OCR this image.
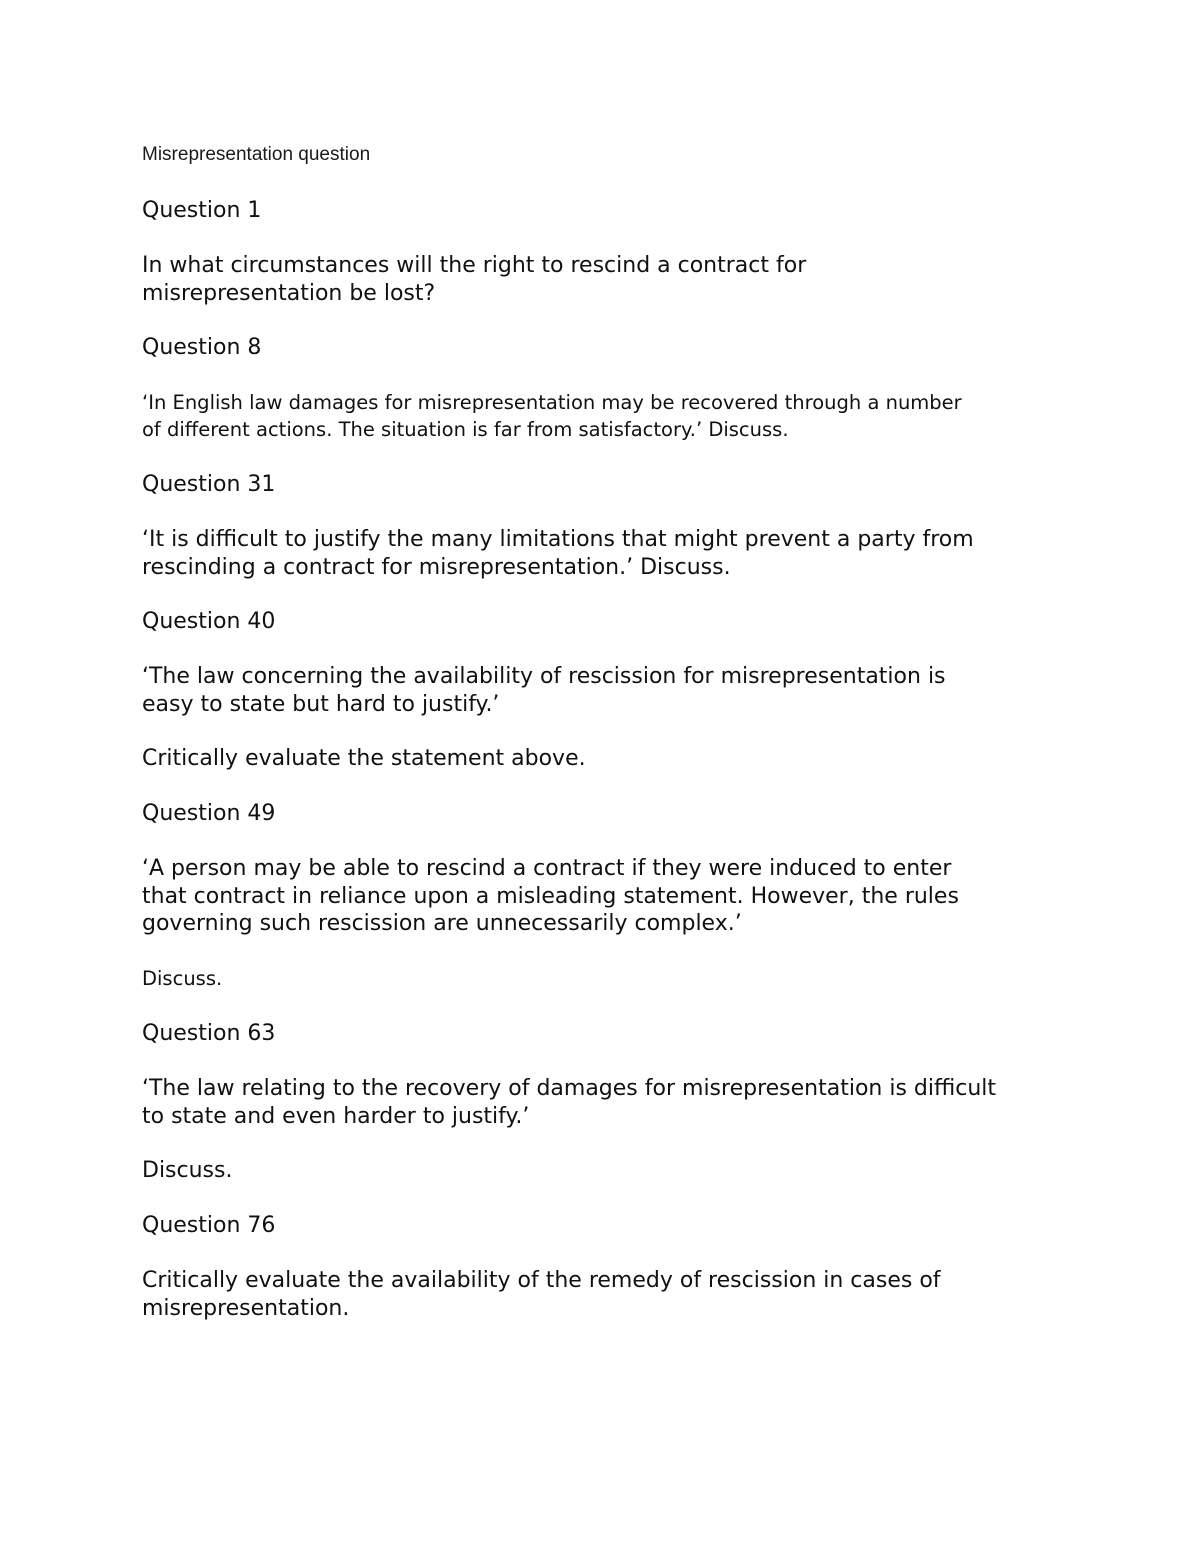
Misrepresentation question
Question 1
In what circumstances will the right to rescind a contract for
misrepresentation be lost?
Question 8
‘In English law damages for misrepresentation may be recovered through a number
of different actions. The situation is far from satisfactory.’ Discuss.
Question 31
‘It is difficult to justify the many limitations that might prevent a party from
rescinding a contract for misrepresentation.’ Discuss.
Question 40
‘The law concerning the availability of rescission for misrepresentation is
easy to state but hard to justify.’
Critically evaluate the statement above.
Question 49
‘A person may be able to rescind a contract if they were induced to enter
that contract in reliance upon a misleading statement. However, the rules
governing such rescission are unnecessarily complex.’
Discuss.
Question 63
‘The law relating to the recovery of damages for misrepresentation is difficult
to state and even harder to justify.’
Discuss.
Question 76
Critically evaluate the availability of the remedy of rescission in cases of
misrepresentation.
